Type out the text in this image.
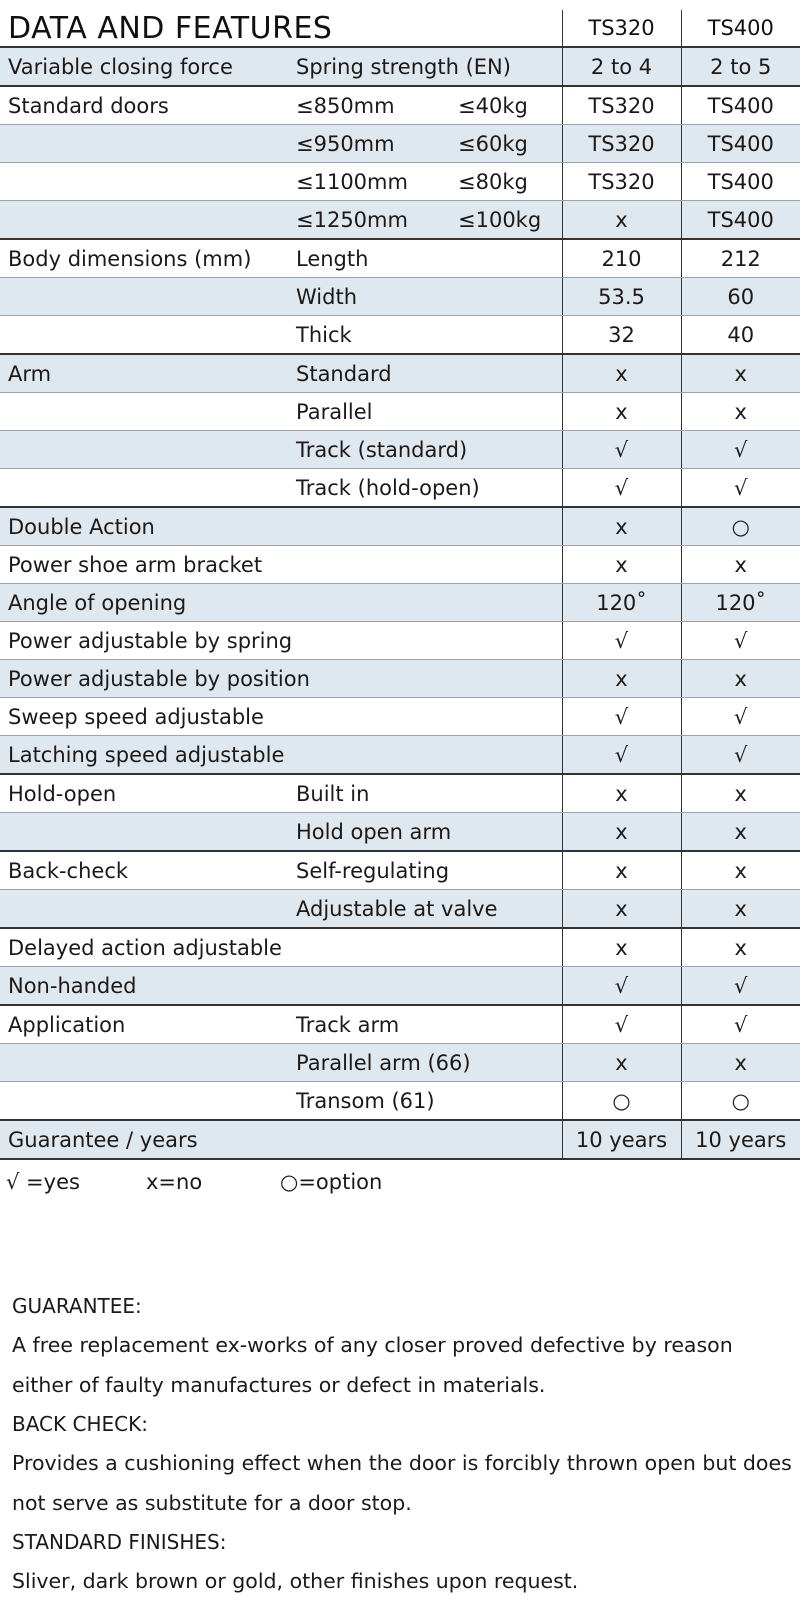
DATA AND FEATURES			TS320	TS400
Variable closing force	Spring strength (EN)		2 to 4	2 to 5
Standard doors	≤850mm	≤40kg	TS320	TS400
	≤950mm	≤60kg	TS320	TS400
	≤1100mm	≤80kg	TS320	TS400
	≤1250mm	≤100kg	x	TS400
Body dimensions (mm)	Length		210	212
	Width		53.5	60
	Thick		32	40
Arm	Standard		x	x
	Parallel		x	x
	Track (standard)		√	√
	Track (hold-open)		√	√
Double Action			x	○
Power shoe arm bracket			x	x
Angle of opening			120˚	120˚
Power adjustable by spring			√	√
Power adjustable by position			x	x
Sweep speed adjustable			√	√
Latching speed adjustable			√	√
Hold-open	Built in		x	x
	Hold open arm		x	x
Back-check	Self-regulating		x	x
	Adjustable at valve		x	x
Delayed action adjustable			x	x
Non-handed			√	√
Application	Track arm		√	√
	Parallel arm (66)		x	x
	Transom (61)		○	○
Guarantee / years			10 years	10 years
√ =yes	x=no	○=option
GUARANTEE:

A free replacement ex-works of any closer proved defective by reason either of faulty manufactures or defect in materials.

BACK CHECK:

Provides a cushioning effect when the door is forcibly thrown open but does not serve as substitute for a door stop.

STANDARD FINISHES:

Sliver, dark brown or gold, other finishes upon request.
